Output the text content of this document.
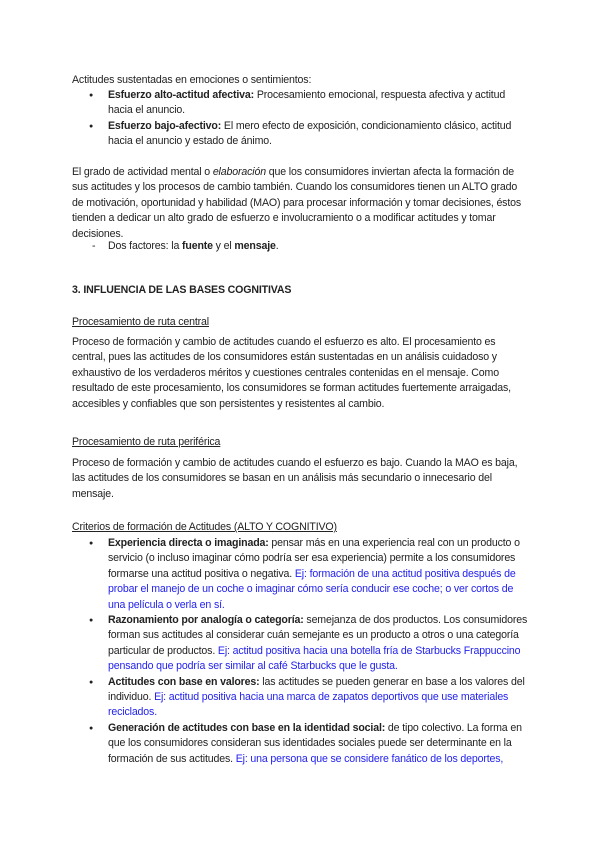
Actitudes sustentadas en emociones o sentimientos:
● Esfuerzo alto-actitud afectiva: Procesamiento emocional, respuesta afectiva y actitud hacia el anuncio.
● Esfuerzo bajo-afectivo: El mero efecto de exposición, condicionamiento clásico, actitud hacia el anuncio y estado de ánimo.
El grado de actividad mental o elaboración que los consumidores inviertan afecta la formación de sus actitudes y los procesos de cambio también. Cuando los consumidores tienen un ALTO grado de motivación, oportunidad y habilidad (MAO) para procesar información y tomar decisiones, éstos tienden a dedicar un alto grado de esfuerzo e involucramiento o a modificar actitudes y tomar decisiones.
- Dos factores: la fuente y el mensaje.
3. INFLUENCIA DE LAS BASES COGNITIVAS
Procesamiento de ruta central
Proceso de formación y cambio de actitudes cuando el esfuerzo es alto. El procesamiento es central, pues las actitudes de los consumidores están sustentadas en un análisis cuidadoso y exhaustivo de los verdaderos méritos y cuestiones centrales contenidas en el mensaje. Como resultado de este procesamiento, los consumidores se forman actitudes fuertemente arraigadas, accesibles y confiables que son persistentes y resistentes al cambio.
Procesamiento de ruta periférica
Proceso de formación y cambio de actitudes cuando el esfuerzo es bajo. Cuando la MAO es baja, las actitudes de los consumidores se basan en un análisis más secundario o innecesario del mensaje.
Criterios de formación de Actitudes (ALTO Y COGNITIVO)
● Experiencia directa o imaginada: pensar más en una experiencia real con un producto o servicio (o incluso imaginar cómo podría ser esa experiencia) permite a los consumidores formarse una actitud positiva o negativa. Ej: formación de una actitud positiva después de probar el manejo de un coche o imaginar cómo sería conducir ese coche; o ver cortos de una película o verla en sí.
● Razonamiento por analogía o categoría: semejanza de dos productos. Los consumidores forman sus actitudes al considerar cuán semejante es un producto a otros o una categoría particular de productos. Ej: actitud positiva hacia una botella fría de Starbucks Frappuccino pensando que podría ser similar al café Starbucks que le gusta.
● Actitudes con base en valores: las actitudes se pueden generar en base a los valores del individuo. Ej: actitud positiva hacia una marca de zapatos deportivos que use materiales reciclados.
● Generación de actitudes con base en la identidad social: de tipo colectivo. La forma en que los consumidores consideran sus identidades sociales puede ser determinante en la formación de sus actitudes. Ej: una persona que se considere fanático de los deportes,
